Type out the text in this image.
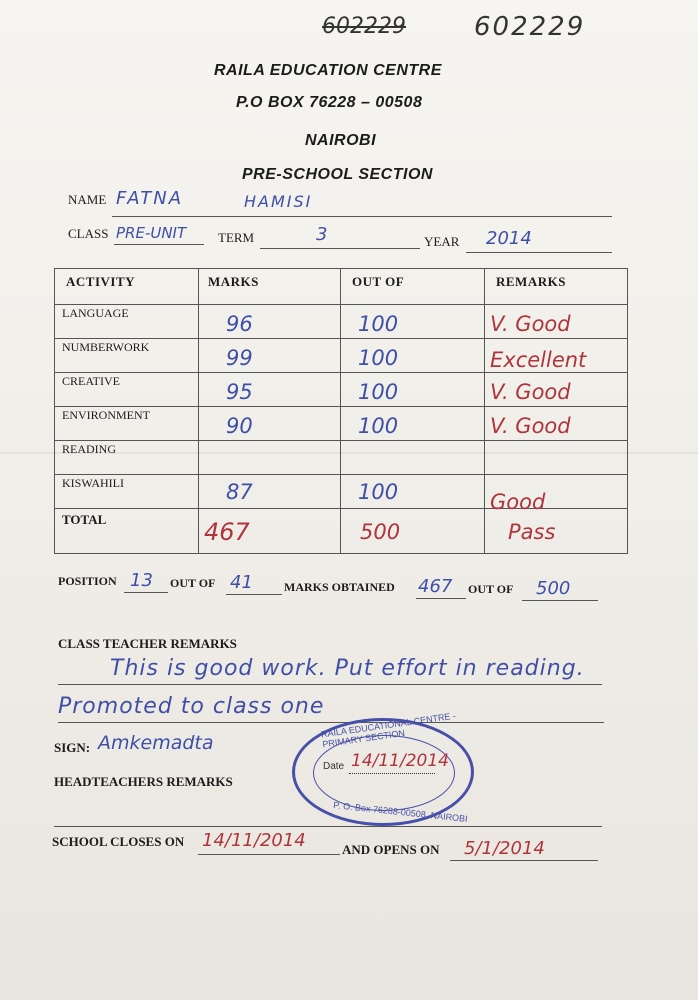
602229	602229
RAILA EDUCATION CENTRE
P.O BOX 76228 – 00508
NAIROBI
PRE-SCHOOL SECTION
NAME FATNA	HAMISI
CLASS PRE-UNIT TERM	3	YEAR 2014
ACTIVITY	MARKS	OUT OF	REMARKS
LANGUAGE	96	100	V. Good
NUMBERWORK	99	100	Excellent
CREATIVE	95	100	V. Good
ENVIRONMENT	90	100	V. Good
READING
KISWAHILI	87	100	Good
TOTAL	467	500	Pass
POSITION 13 OUT OF 41	MARKS OBTAINED 467 OUT OF 500
CLASS TEACHER REMARKS
This is good work. Put effort in reading.
Promoted to class one
SIGN: Amkemadta
HEADTEACHERS REMARKS
RAILA EDUCATIONAL CENTRE - PRIMARY SECTION
P. O. Box 76288-00508, NAIROBI
Date 14/11/2014
SCHOOL CLOSES ON 14/11/2014	AND OPENS ON 5/1/2014
